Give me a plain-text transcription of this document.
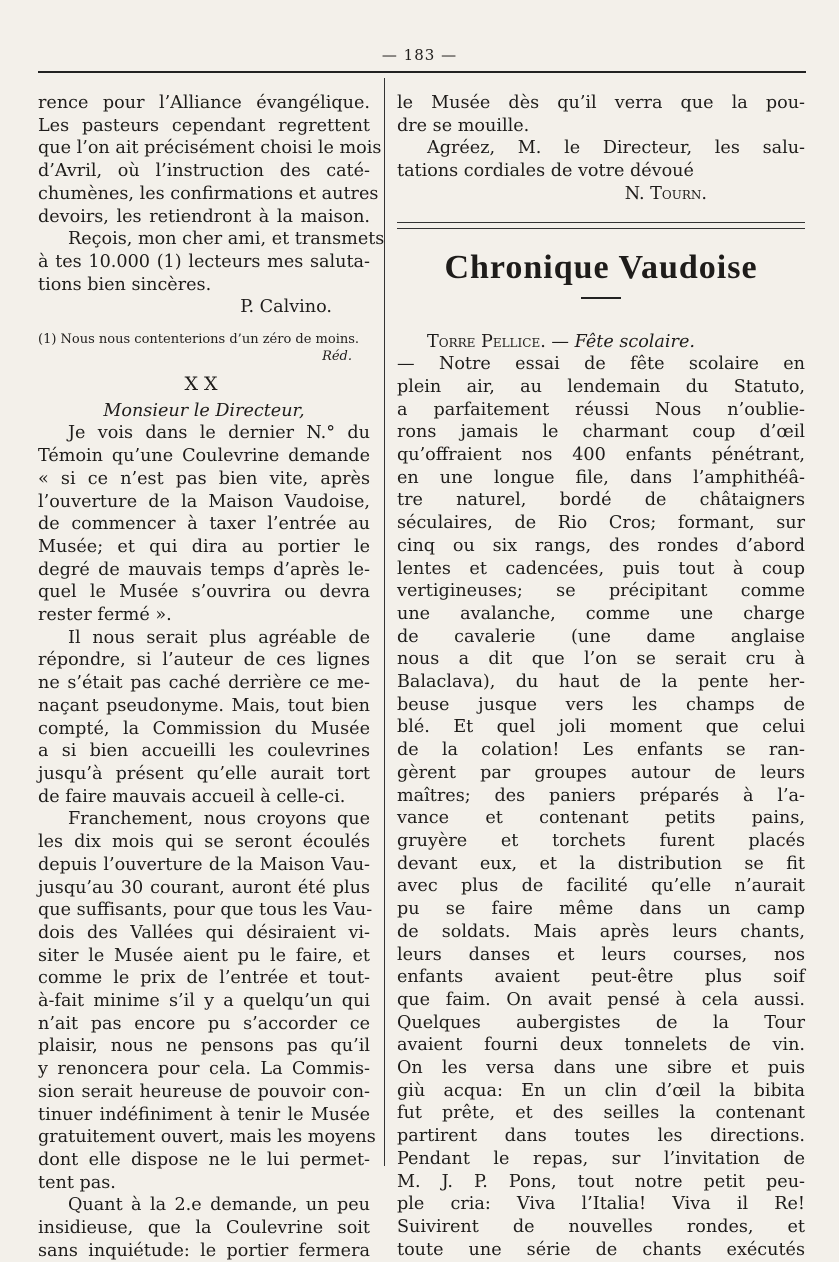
— 183 —
rence pour l’Alliance évangélique.
Les pasteurs cependant regrettent
que l’on ait précisément choisi le mois
d’Avril, où l’instruction des caté-
chumènes, les confirmations et autres
devoirs, les retiendront à la maison.
Reçois, mon cher ami, et transmets
à tes 10.000 (1) lecteurs mes saluta-
tions bien sincères.
P. Calvino.
(1) Nous nous contenterions d’un zéro de moins.
Réd.
XX
Monsieur le Directeur,
Je vois dans le dernier N.° du
Témoin qu’une Coulevrine demande
« si ce n’est pas bien vite, après
l’ouverture de la Maison Vaudoise,
de commencer à taxer l’entrée au
Musée; et qui dira au portier le
degré de mauvais temps d’après le-
quel le Musée s’ouvrira ou devra
rester fermé ».
Il nous serait plus agréable de
répondre, si l’auteur de ces lignes
ne s’était pas caché derrière ce me-
naçant pseudonyme. Mais, tout bien
compté, la Commission du Musée
a si bien accueilli les coulevrines
jusqu’à présent qu’elle aurait tort
de faire mauvais accueil à celle-ci.
Franchement, nous croyons que
les dix mois qui se seront écoulés
depuis l’ouverture de la Maison Vau-
jusqu’au 30 courant, auront été plus
que suffisants, pour que tous les Vau-
dois des Vallées qui désiraient vi-
siter le Musée aient pu le faire, et
comme le prix de l’entrée et tout-
à-fait minime s’il y a quelqu’un qui
n’ait pas encore pu s’accorder ce
plaisir, nous ne pensons pas qu’il
y renoncera pour cela. La Commis-
sion serait heureuse de pouvoir con-
tinuer indéfiniment à tenir le Musée
gratuitement ouvert, mais les moyens
dont elle dispose ne le lui permet-
tent pas.
Quant à la 2.e demande, un peu
insidieuse, que la Coulevrine soit
sans inquiétude: le portier fermera
le Musée dès qu’il verra que la pou-
dre se mouille.
Agréez, M. le Directeur, les salu-
tations cordiales de votre dévoué
N. Tourn.
Chronique Vaudoise
Torre Pellice. — Fête scolaire.
— Notre essai de fête scolaire en
plein air, au lendemain du Statuto,
a parfaitement réussi Nous n’oublie-
rons jamais le charmant coup d’œil
qu’offraient nos 400 enfants pénétrant,
en une longue file, dans l’amphithéâ-
tre naturel, bordé de châtaigners
séculaires, de Rio Cros; formant, sur
cinq ou six rangs, des rondes d’abord
lentes et cadencées, puis tout à coup
vertigineuses; se précipitant comme
une avalanche, comme une charge
de cavalerie (une dame anglaise
nous a dit que l’on se serait cru à
Balaclava), du haut de la pente her-
beuse jusque vers les champs de
blé. Et quel joli moment que celui
de la colation! Les enfants se ran-
gèrent par groupes autour de leurs
maîtres; des paniers préparés à l’a-
vance et contenant petits pains,
gruyère et torchets furent placés
devant eux, et la distribution se fit
avec plus de facilité qu’elle n’aurait
pu se faire même dans un camp
de soldats. Mais après leurs chants,
leurs danses et leurs courses, nos
enfants avaient peut-être plus soif
que faim. On avait pensé à cela aussi.
Quelques aubergistes de la Tour
avaient fourni deux tonnelets de vin.
On les versa dans une sibre et puis
giù acqua: En un clin d’œil la bibita
fut prête, et des seilles la contenant
partirent dans toutes les directions.
Pendant le repas, sur l’invitation de
M. J. P. Pons, tout notre petit peu-
ple cria: Viva l’Italia! Viva il Re!
Suivirent de nouvelles rondes, et
toute une série de chants exécutés
